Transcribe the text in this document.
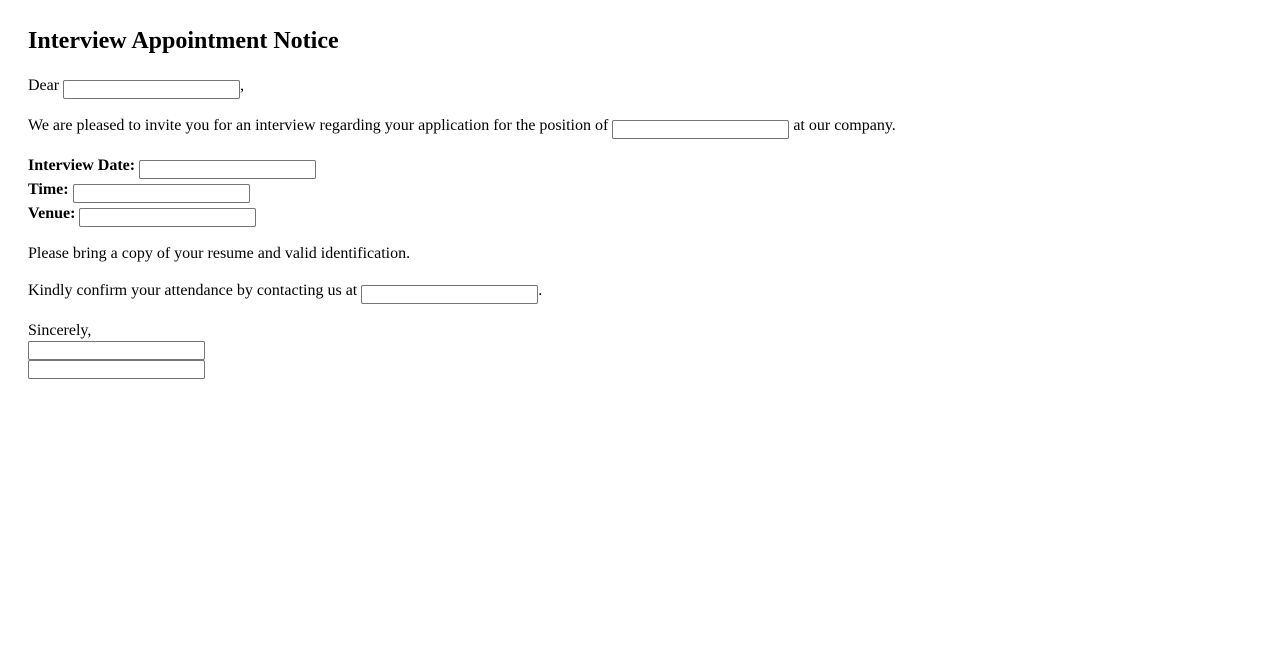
Interview Appointment Notice

Dear	,

We are pleased to invite you for an interview regarding your application for the position of	at our company.

Interview Date:
Time:
Venue:

Please bring a copy of your resume and valid identification.

Kindly confirm your attendance by contacting us at	.

Sincerely,
